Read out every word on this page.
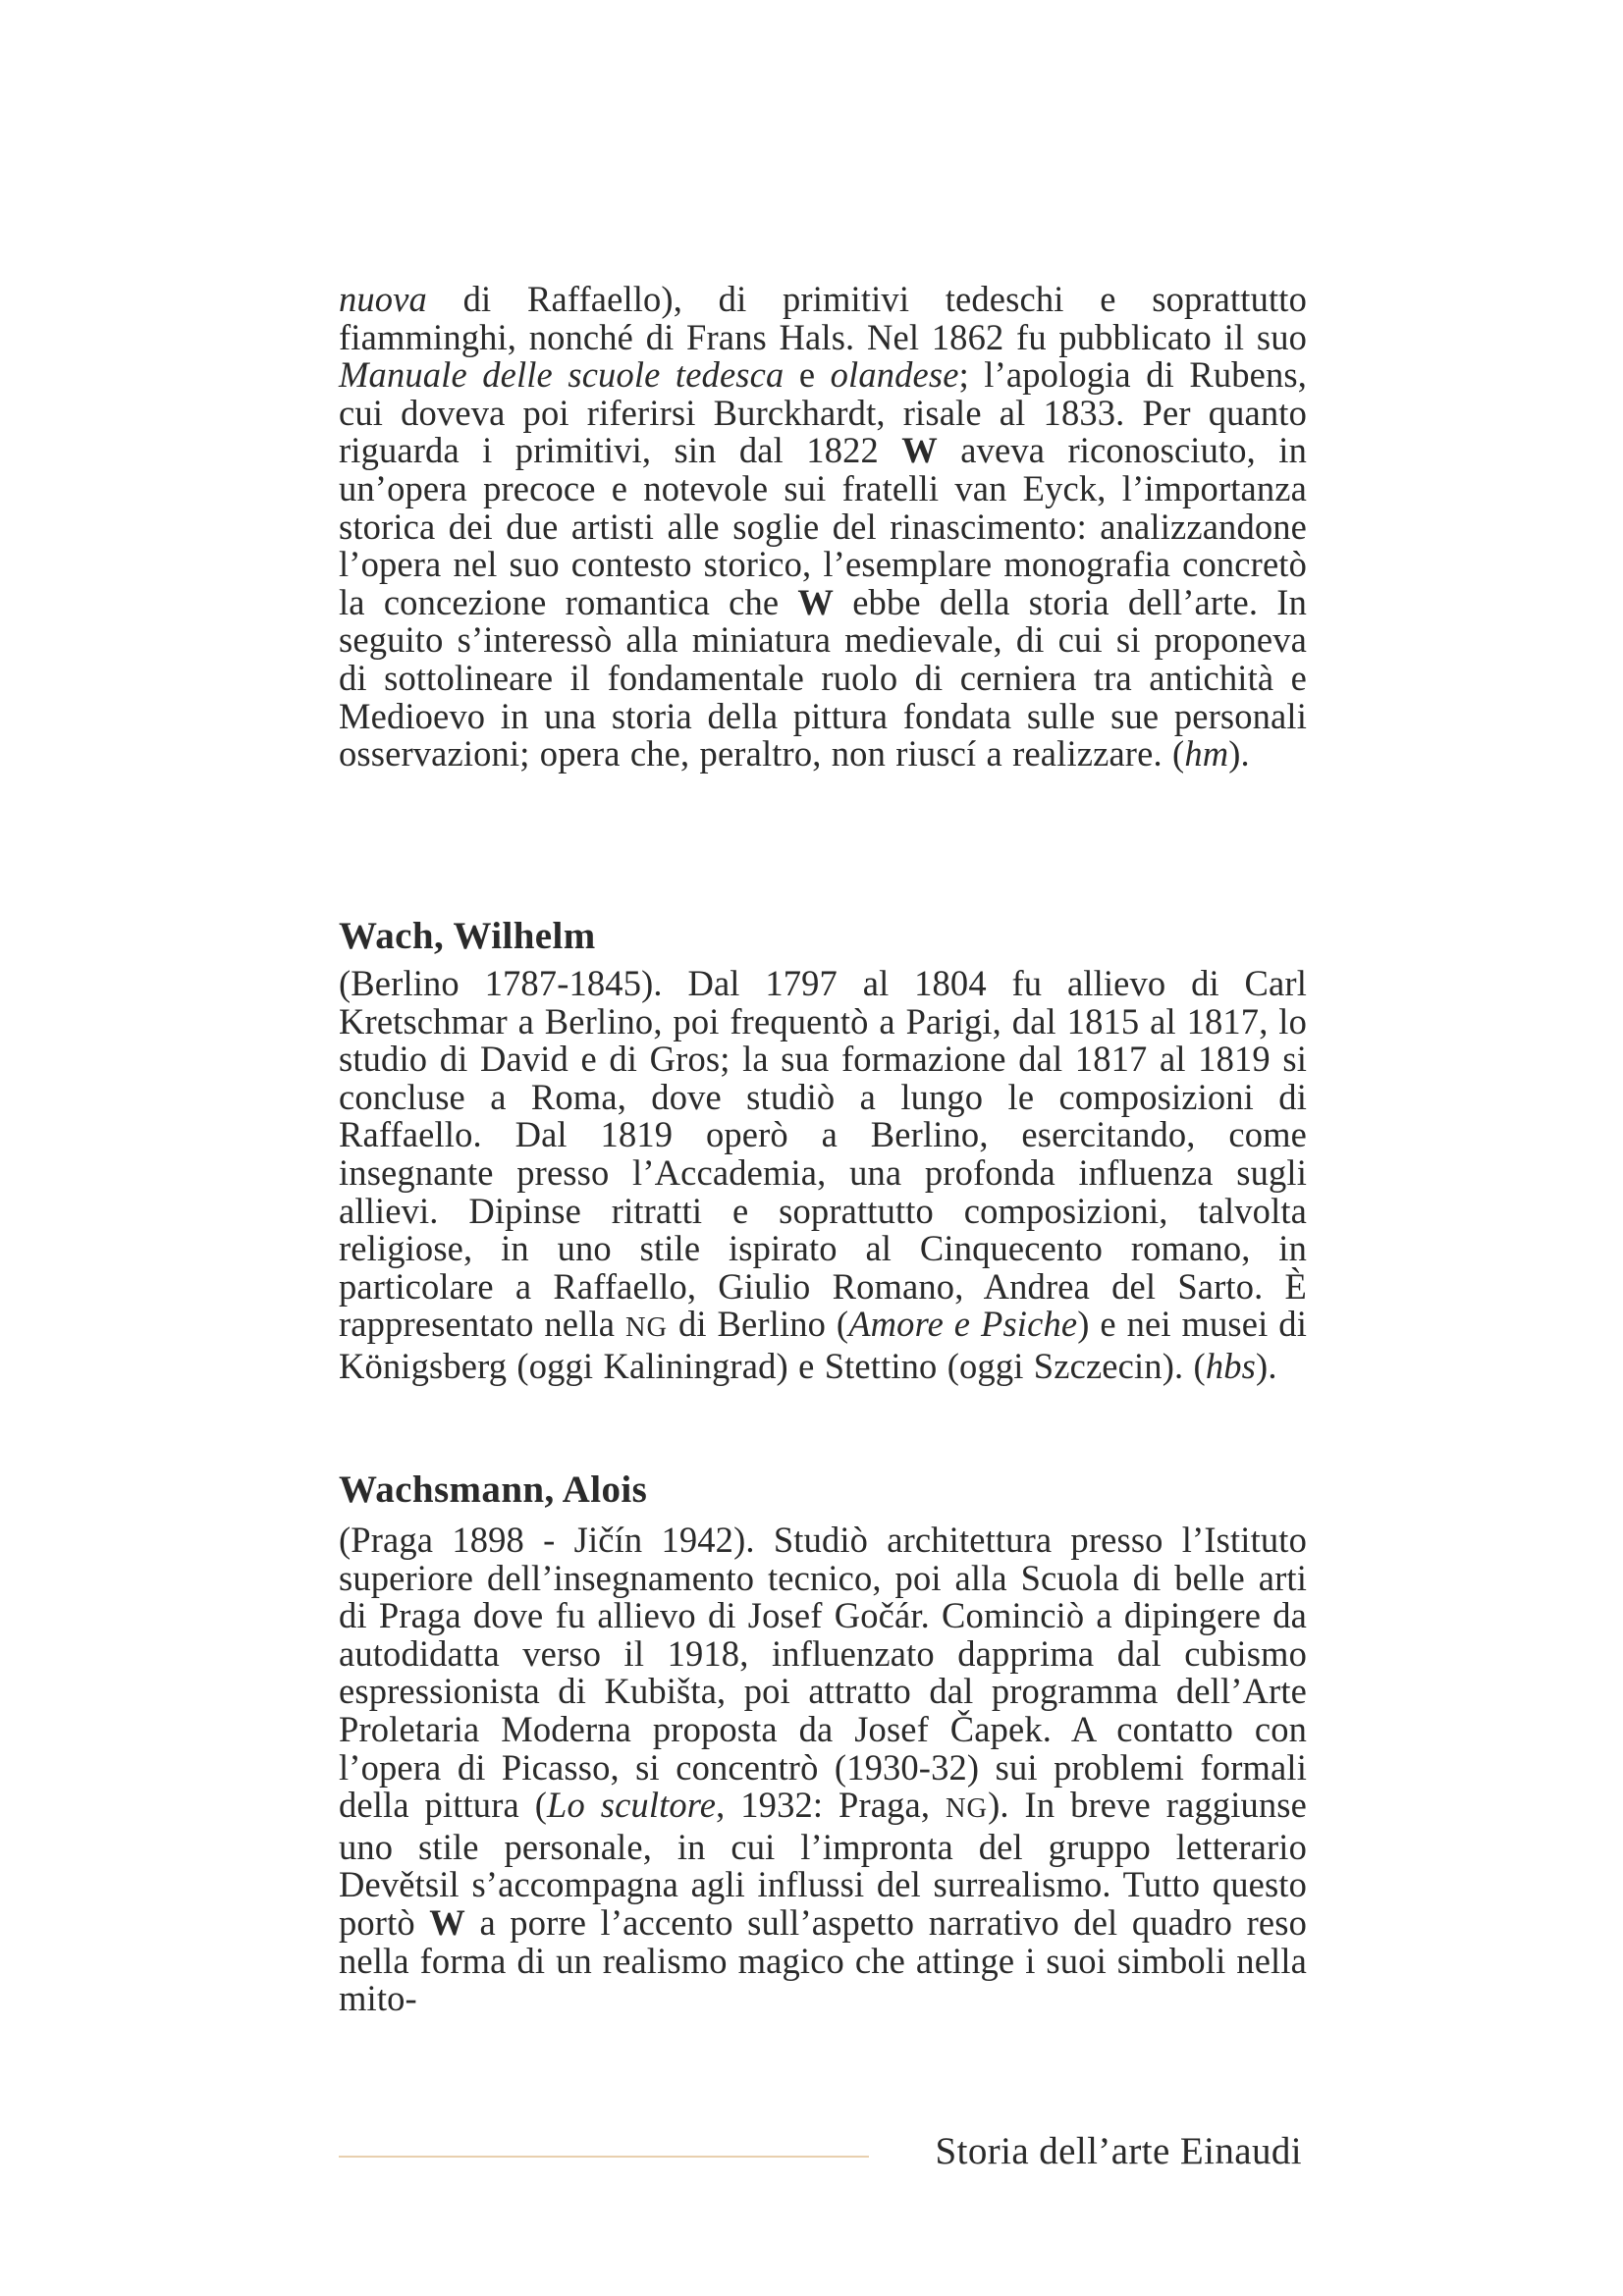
nuova di Raffaello), di primitivi tedeschi e soprattutto fiamminghi, nonché di Frans Hals. Nel 1862 fu pubblicato il suo Manuale delle scuole tedesca e olandese; l’apologia di Rubens, cui doveva poi riferirsi Burckhardt, risale al 1833. Per quanto riguarda i primitivi, sin dal 1822 W aveva riconosciuto, in un’opera precoce e notevole sui fratelli van Eyck, l’importanza storica dei due artisti alle soglie del rinascimento: analizzandone l’opera nel suo contesto storico, l’esemplare monografia concretò la concezione romantica che W ebbe della storia dell’arte. In seguito s’interessò alla miniatura medievale, di cui si proponeva di sottolineare il fondamentale ruolo di cerniera tra antichità e Medioevo in una storia della pittura fondata sulle sue personali osservazioni; opera che, peraltro, non riuscí a realizzare. (hm).

Wach, Wilhelm

(Berlino 1787-1845). Dal 1797 al 1804 fu allievo di Carl Kretschmar a Berlino, poi frequentò a Parigi, dal 1815 al 1817, lo studio di David e di Gros; la sua formazione dal 1817 al 1819 si concluse a Roma, dove studiò a lungo le composizioni di Raffaello. Dal 1819 operò a Berlino, esercitando, come insegnante presso l’Accademia, una profonda influenza sugli allievi. Dipinse ritratti e soprattutto composizioni, talvolta religiose, in uno stile ispirato al Cinquecento romano, in particolare a Raffaello, Giulio Romano, Andrea del Sarto. È rappresentato nella NG di Berlino (Amore e Psiche) e nei musei di Königsberg (oggi Kaliningrad) e Stettino (oggi Szczecin). (hbs).

Wachsmann, Alois

(Praga 1898 - Jičín 1942). Studiò architettura presso l’Istituto superiore dell’insegnamento tecnico, poi alla Scuola di belle arti di Praga dove fu allievo di Josef Gočár. Cominciò a dipingere da autodidatta verso il 1918, influenzato dapprima dal cubismo espressionista di Kubišta, poi attratto dal programma dell’Arte Proletaria Moderna proposta da Josef Čapek. A contatto con l’opera di Picasso, si concentrò (1930-32) sui problemi formali della pittura (Lo scultore, 1932: Praga, NG). In breve raggiunse uno stile personale, in cui l’impronta del gruppo letterario Devětsil s’accompagna agli influssi del surrealismo. Tutto questo portò W a porre l’accento sull’aspetto narrativo del quadro reso nella forma di un realismo magico che attinge i suoi simboli nella mito-

Storia dell’arte Einaudi
